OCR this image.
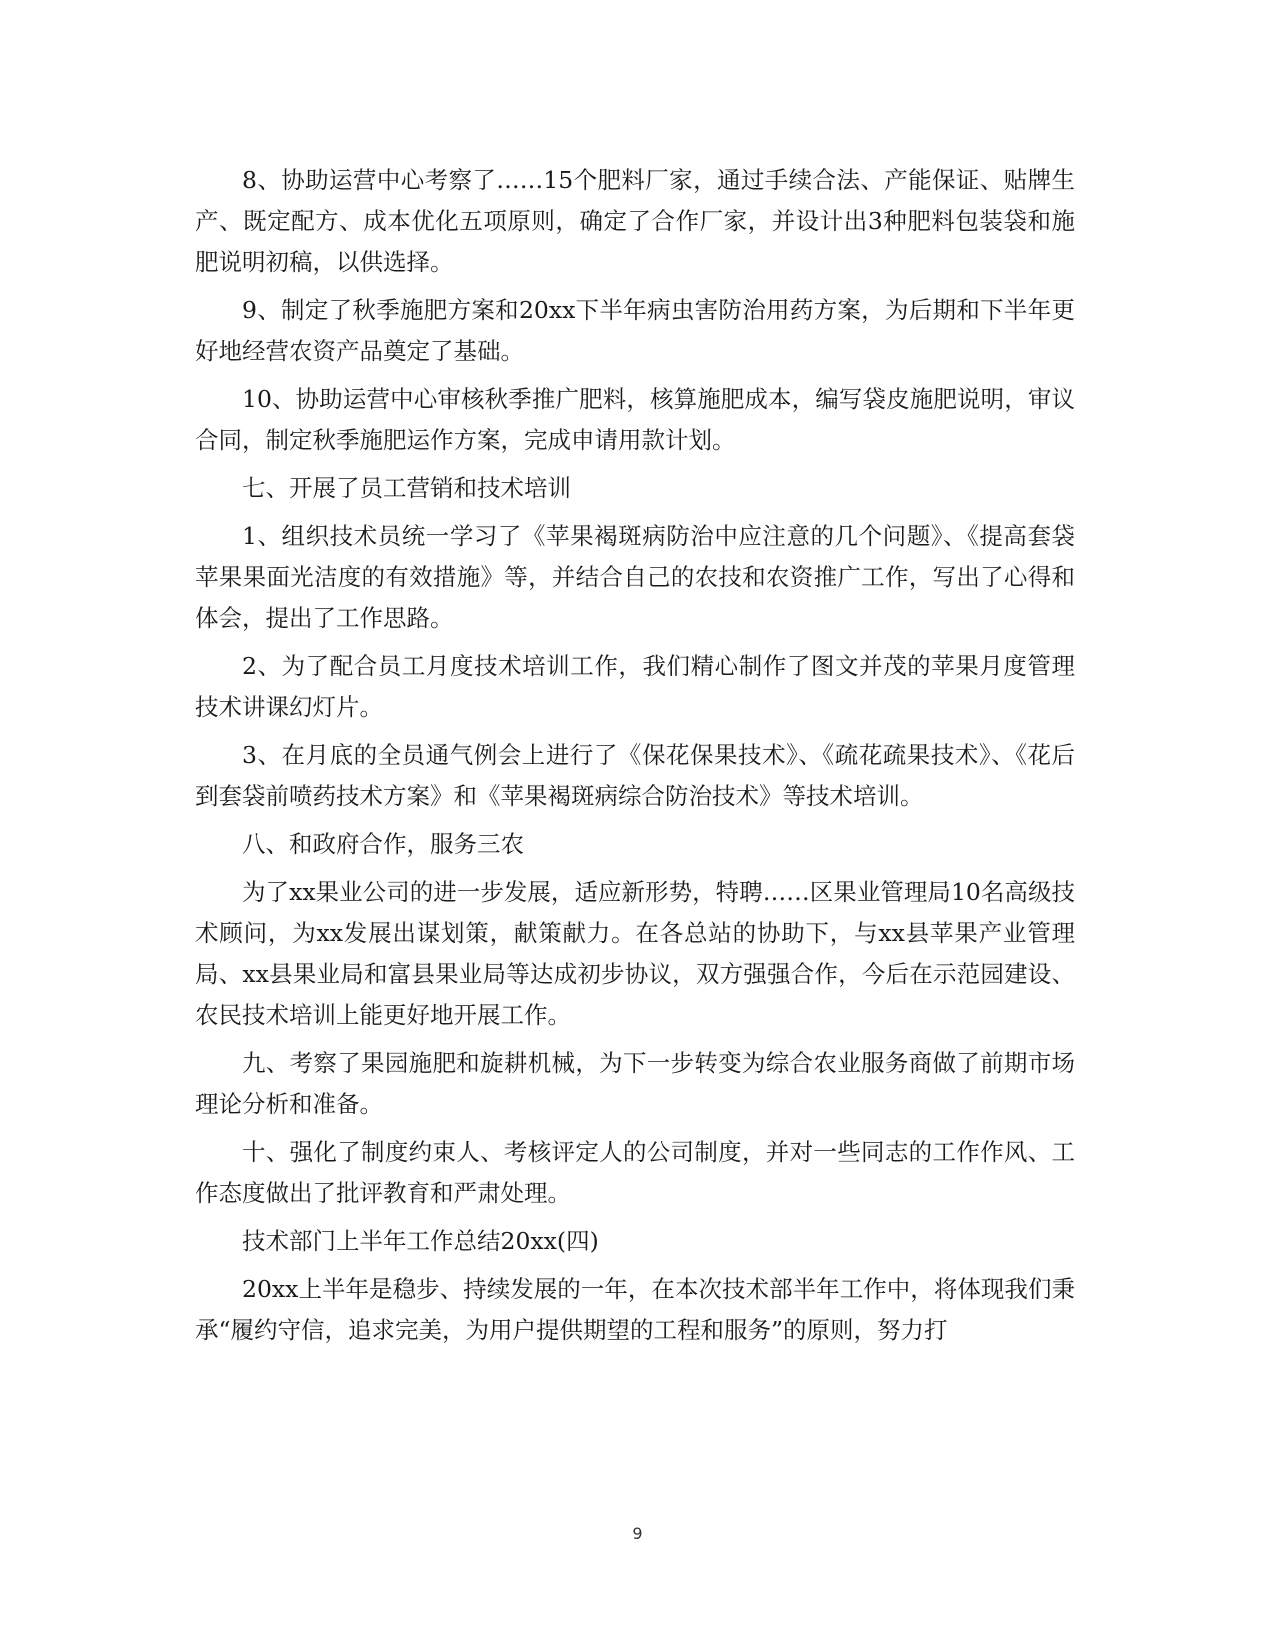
8、协助运营中心考察了……15个肥料厂家，通过手续合法、产能保证、贴牌生产、既定配方、成本优化五项原则，确定了合作厂家，并设计出3种肥料包装袋和施肥说明初稿，以供选择。

9、制定了秋季施肥方案和20xx下半年病虫害防治用药方案，为后期和下半年更好地经营农资产品奠定了基础。

10、协助运营中心审核秋季推广肥料，核算施肥成本，编写袋皮施肥说明，审议合同，制定秋季施肥运作方案，完成申请用款计划。

七、开展了员工营销和技术培训

1、组织技术员统一学习了《苹果褐斑病防治中应注意的几个问题》、《提高套袋苹果果面光洁度的有效措施》等，并结合自己的农技和农资推广工作，写出了心得和体会，提出了工作思路。

2、为了配合员工月度技术培训工作，我们精心制作了图文并茂的苹果月度管理技术讲课幻灯片。

3、在月底的全员通气例会上进行了《保花保果技术》、《疏花疏果技术》、《花后到套袋前喷药技术方案》和《苹果褐斑病综合防治技术》等技术培训。

八、和政府合作，服务三农

为了xx果业公司的进一步发展，适应新形势，特聘……区果业管理局10名高级技术顾问，为xx发展出谋划策，献策献力。在各总站的协助下，与xx县苹果产业管理局、xx县果业局和富县果业局等达成初步协议，双方强强合作，今后在示范园建设、农民技术培训上能更好地开展工作。

九、考察了果园施肥和旋耕机械，为下一步转变为综合农业服务商做了前期市场理论分析和准备。

十、强化了制度约束人、考核评定人的公司制度，并对一些同志的工作作风、工作态度做出了批评教育和严肃处理。

技术部门上半年工作总结20xx(四)

20xx上半年是稳步、持续发展的一年，在本次技术部半年工作中，将体现我们秉承“履约守信，追求完美，为用户提供期望的工程和服务”的原则，努力打

9
